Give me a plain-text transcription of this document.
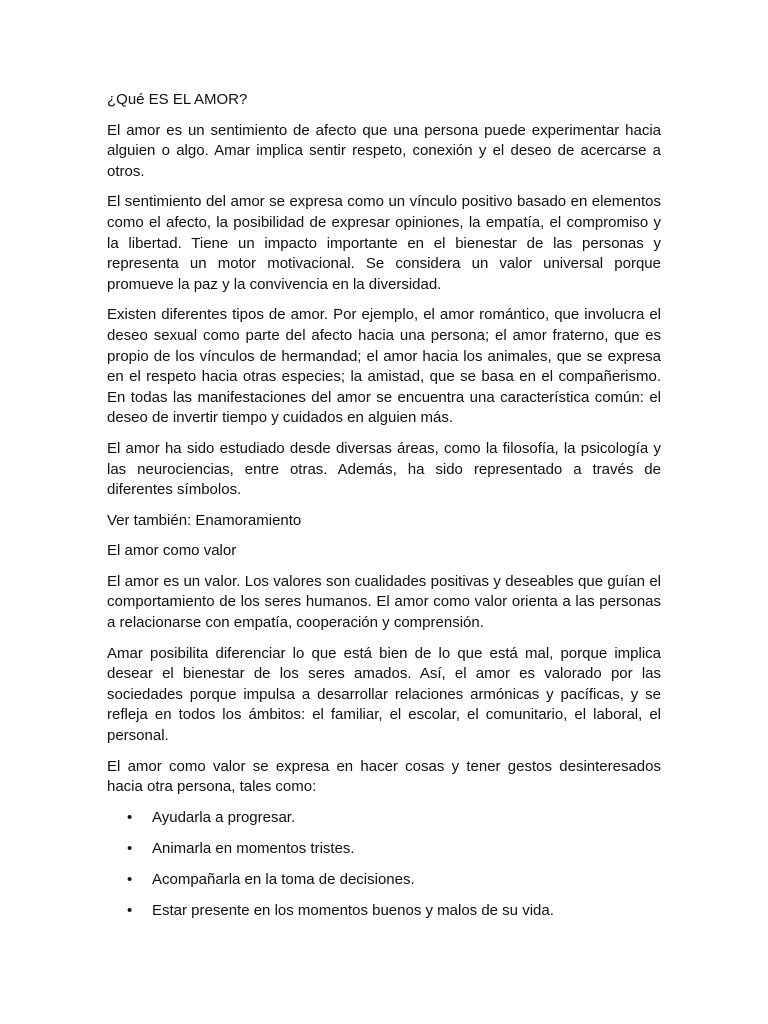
¿Qué ES EL AMOR?

El amor es un sentimiento de afecto que una persona puede experimentar hacia alguien o algo. Amar implica sentir respeto, conexión y el deseo de acercarse a otros.

El sentimiento del amor se expresa como un vínculo positivo basado en elementos como el afecto, la posibilidad de expresar opiniones, la empatía, el compromiso y la libertad. Tiene un impacto importante en el bienestar de las personas y representa un motor motivacional. Se considera un valor universal porque promueve la paz y la convivencia en la diversidad.

Existen diferentes tipos de amor. Por ejemplo, el amor romántico, que involucra el deseo sexual como parte del afecto hacia una persona; el amor fraterno, que es propio de los vínculos de hermandad; el amor hacia los animales, que se expresa en el respeto hacia otras especies; la amistad, que se basa en el compañerismo. En todas las manifestaciones del amor se encuentra una característica común: el deseo de invertir tiempo y cuidados en alguien más.

El amor ha sido estudiado desde diversas áreas, como la filosofía, la psicología y las neurociencias, entre otras. Además, ha sido representado a través de diferentes símbolos.

Ver también: Enamoramiento

El amor como valor

El amor es un valor. Los valores son cualidades positivas y deseables que guían el comportamiento de los seres humanos. El amor como valor orienta a las personas a relacionarse con empatía, cooperación y comprensión.

Amar posibilita diferenciar lo que está bien de lo que está mal, porque implica desear el bienestar de los seres amados. Así, el amor es valorado por las sociedades porque impulsa a desarrollar relaciones armónicas y pacíficas, y se refleja en todos los ámbitos: el familiar, el escolar, el comunitario, el laboral, el personal.

El amor como valor se expresa en hacer cosas y tener gestos desinteresados hacia otra persona, tales como:

• Ayudarla a progresar.
• Animarla en momentos tristes.
• Acompañarla en la toma de decisiones.
• Estar presente en los momentos buenos y malos de su vida.
